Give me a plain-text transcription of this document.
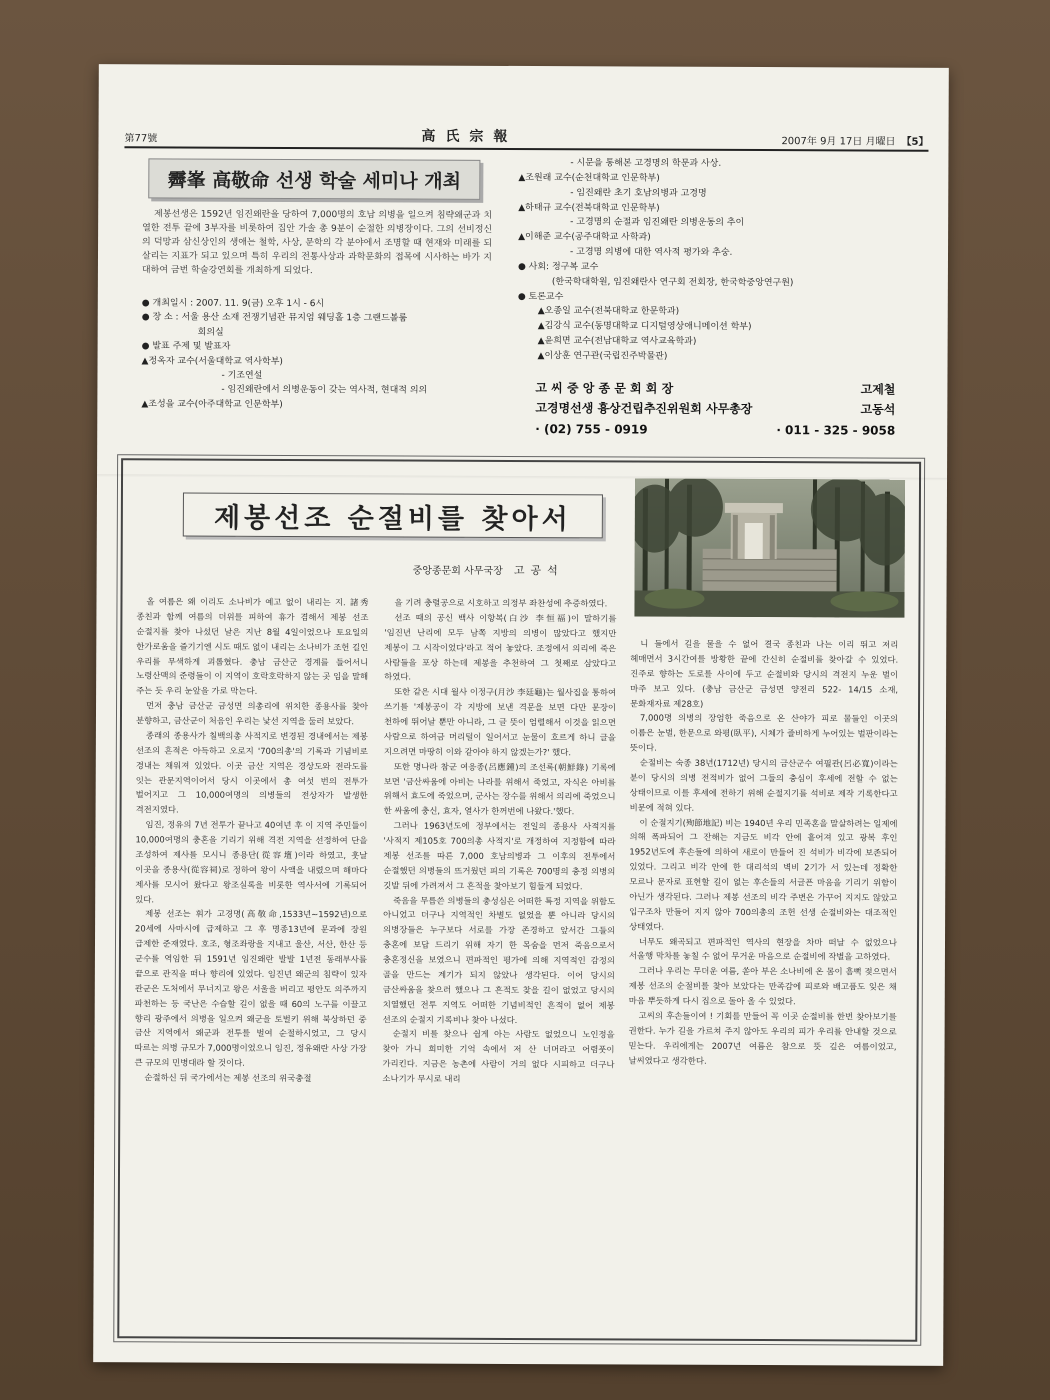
第77號	高氏宗報	2007年 9月 17日 月曜日 【5】
霽峯 高敬命 선생 학술 세미나 개최
제봉선생은 1592년 임진왜란을 당하여 7,000명의 호남 의병을 일으켜 침략왜군과 치열한 전투 끝에 3부자를 비롯하여 집안 가솔 총 9분이 순절한 의병장이다. 그의 선비정신의 덕망과 삼신상인의 생애는 철학, 사상, 문학의 각 분야에서 조명할 때 현재와 미래를 되살리는 지표가 되고 있으며 특히 우리의 전통사상과 과학문화의 접목에 시사하는 바가 지대하여 금번 학술강연회를 개최하게 되었다.
● 개최일시 : 2007. 11. 9(금) 오후 1시 - 6시
● 장 소 : 서울 용산 소재 전쟁기념관 뮤지엄 웨딩홀 1층 그랜드볼룸
회의실
● 발표 주제 및 발표자
▲ 정옥자 교수(서울대학교 역사학부)
- 기조연설
- 임진왜란에서 의병운동이 갖는 역사적, 현대적 의의
▲ 조성을 교수(아주대학교 인문학부)
- 시문을 통해본 고경명의 학문과 사상.
▲ 조원래 교수(순천대학교 인문학부)
- 임진왜란 초기 호남의병과 고경명
▲ 하태규 교수(전북대학교 인문학부)
- 고경명의 순절과 임진왜란 의병운동의 추이
▲ 이해준 교수(공주대학교 사학과)
- 고경명 의병에 대한 역사적 평가와 추숭.
● 사회: 정구복 교수
(한국학대학원, 임진왜란사 연구회 전회장, 한국학중앙연구원)
● 토론교수
▲ 오종일 교수(전북대학교 한문학과)
▲ 김강식 교수(동명대학교 디지털영상애니메이션 학부)
▲ 윤희면 교수(전남대학교 역사교육학과)
▲ 이상훈 연구관(국립진주박물관)
고 씨 중 앙 종 문 회 회 장	고제철
고경명선생 흉상건립추진위원회 사무총장	고동석
· (02) 755 - 0919	· 011 - 325 - 9058
제봉선조 순절비를 찾아서
중앙종문회 사무국장 고공석

올 여름은 왜 이리도 소나비가 예고 없이 내리는 지. 諸秀 종친과 함께 여름의 더위를 피하여 휴가 겸해서 제봉 선조 순절지를 찾아 나섰던 날은 지난 8월 4일이었으나 토요일의 한가로움을 즐기기엔 시도 때도 없이 내리는 소나비가 조헌 길인 우리를 무색하게 괴롭혔다. 충남 금산군 경계를 들어서니 노령산맥의 준령들이 이 지역이 호락호락하지 않는 곳 임을 말해 주는 듯 우리 눈앞을 가로 막는다.

먼저 충남 금산군 금성면 의총리에 위치한 종용사를 찾아 분향하고, 금산군이 처음인 우리는 낯선 지역을 둘러 보았다.

종래의 종용사가 칠백의총 사적지로 변경된 경내에서는 제봉 선조의 흔적은 아득하고 오로지 '700의총'의 기록과 기념비로 경내는 채워져 있었다. 이곳 금산 지역은 경상도와 전라도를 잇는 관문지역이어서 당시 이곳에서 총 여섯 번의 전투가 벌어지고 그 10,000여명의 의병들의 전상자가 발생한 격전지였다.

임진, 정유의 7년 전투가 끝나고 40여년 후 이 지역 주민들이 10,000여명의 충혼을 기리기 위해 격전 지역을 선정하여 단을 조성하여 제사를 모시니 종용단(從容壇)이라 하였고, 훗날 이곳을 종용사(從容祠)로 정하여 왕이 사액을 내렸으며 해마다 제사를 모시어 왔다고 왕조실록을 비롯한 역사서에 기록되어 있다.

제봉 선조는 휘가 고경명(高敬命,1533년~1592년)으로 20세에 사마시에 급제하고 그 후 명종13년에 문과에 장원 급제한 준재였다. 호조, 형조좌랑을 지내고 울산, 서산, 한산 등 군수를 역임한 뒤 1591년 임진왜란 발발 1년전 동래부사를 끝으로 관직을 떠나 향리에 있었다. 임진년 왜군의 침략이 있자 관군은 도처에서 무너지고 왕은 서울을 버리고 평안도 의주까지 파천하는 등 국난은 수습할 길이 없을 때 60의 노구를 이끌고 향리 광주에서 의병을 일으켜 왜군을 토벌키 위해 북상하던 중 금산 지역에서 왜군과 전투를 벌여 순절하시었고, 그 당시 따르는 의병 규모가 7,000명이었으니 임진, 정유왜란 사상 가장 큰 규모의 민병대라 할 것이다.

순절하신 뒤 국가에서는 제봉 선조의 위국충절

을 기려 충렬공으로 시호하고 의정부 좌찬성에 추증하였다.

선조 때의 공신 백사 이항복(白沙 李恒福)이 말하기를 '임진년 난리에 모두 남쪽 지방의 의병이 많았다고 했지만 제봉이 그 시작이었다'라고 적어 놓았다. 조정에서 의리에 죽은 사람들을 포상 하는데 제봉을 추천하여 그 첫째로 삼았다고 하였다.

또한 같은 시대 월사 이정구(月沙 李廷龜)는 월사집을 통하여 쓰기를 '제봉공이 각 지방에 보낸 격문을 보면 다만 문장이 천하에 뛰어날 뿐만 아니라, 그 글 뜻이 엄렬해서 이것을 읽으면 사람으로 하여금 머리털이 일어서고 눈물이 흐르게 하니 글을 지으려면 마땅히 이와 같아야 하지 않겠는가?' 했다.

또한 명나라 참군 여응종(呂應鍾)의 조선록(朝鮮錄) 기록에 보면 '금산싸움에 아비는 나라를 위해서 죽었고, 자식은 아비를 위해서 효도에 죽었으며, 군사는 장수를 위해서 의리에 죽었으니 한 싸움에 충신, 효자, 열사가 한꺼번에 나왔다.'했다.

그러나 1963년도에 정부에서는 전일의 종용사 사적지를 '사적지 제105호 700의총 사적지'로 개정하여 지정함에 따라 제봉 선조를 따른 7,000 호남의병과 그 이후의 전투에서 순절했던 의병들의 뜨거웠던 피의 기록은 700명의 충정 의병의 깃발 뒤에 가려져서 그 흔적을 찾아보기 힘들게 되었다.

죽음을 무릅쓴 의병들의 충성심은 어떠한 특정 지역을 위함도 아니었고 더구나 지역적인 차별도 없었을 뿐 아니라 당시의 의병장들은 누구보다 서로를 가장 존경하고 앞서간 그들의 충혼에 보답 드리기 위해 자기 한 목숨을 먼저 죽음으로서 충혼정신을 보였으니 편파적인 평가에 의해 지역적인 감정의 골을 만드는 계기가 되지 않았나 생각된다. 이어 당시의 금산싸움을 찾으러 했으나 그 흔적도 찾을 길이 없었고 당시의 치열했던 전투 지역도 어떠한 기념비적인 흔적이 없어 제봉 선조의 순절지 기록비나 찾아 나섰다.

순절지 비를 찾으나 쉽게 아는 사람도 없었으니 노인정을 찾아 가니 희미한 기억 속에서 저 산 너머라고 어렴풋이 가리킨다. 지금은 농촌에 사람이 거의 없다 시피하고 더구나 소나기가 무시로 내리

니 들에서 길을 물을 수 없어 결국 종친과 나는 이리 뛰고 저리 헤매면서 3시간여를 방황한 끝에 간신히 순절비를 찾아갈 수 있었다. 진주로 향하는 도로를 사이에 두고 순절비와 당시의 격전지 누운 벌이 마주 보고 있다. (충남 금산군 금성면 양전리 522- 14/15 소재, 문화재자료 제28호)

7,000명 의병의 장엄한 죽음으로 온 산야가 피로 물들인 이곳의 이름은 눈벌, 한문으로 와평(臥平), 시체가 즐비하게 누어있는 벌판이라는 뜻이다.

순절비는 숙종 38년(1712년) 당시의 금산군수 여필관(呂必寬)이라는 분이 당시의 의병 전적비가 없어 그들의 충심이 후세에 전할 수 없는 상태이므로 이를 후세에 전하기 위해 순절지기를 석비로 제작 기록한다고 비문에 적혀 있다.

이 순절지기(殉節地記) 비는 1940년 우리 민족혼을 말살하려는 일제에 의해 폭파되어 그 잔해는 지금도 비각 안에 흩어져 있고 광복 후인 1952년도에 후손들에 의하여 새로이 만들어 진 석비가 비각에 보존되어 있었다. 그리고 비각 안에 한 대리석의 벽비 2기가 서 있는데 정확한 모르나 문자로 표현할 길이 없는 후손들의 서글픈 마음을 기리기 위함이 아닌가 생각된다. 그러나 제봉 선조의 비각 주변은 가꾸어 지지도 않았고 입구조차 만들어 지지 않아 700의총의 조헌 선생 순절비와는 대조적인 상태였다.

너무도 왜곡되고 편파적인 역사의 현장을 차마 떠날 수 없었으나 서울행 막차를 놓칠 수 없어 무거운 마음으로 순절비에 작별을 고하였다.

그러나 우리는 무더운 여름, 쏟아 부은 소나비에 온 몸이 흠뻑 젖으면서 제봉 선조의 순절비를 찾아 보았다는 만족감에 피로와 배고픔도 잊은 채 마음 뿌듯하게 다시 집으로 돌아 올 수 있었다.

고씨의 후손들이여 ! 기회를 만들어 꼭 이곳 순절비를 한번 찾아보기를 권한다. 누가 길을 가르쳐 주지 않아도 우리의 피가 우리를 안내할 것으로 믿는다. 우리에게는 2007년 여름은 참으로 뜻 깊은 여름이었고, 날씨였다고 생각한다.
